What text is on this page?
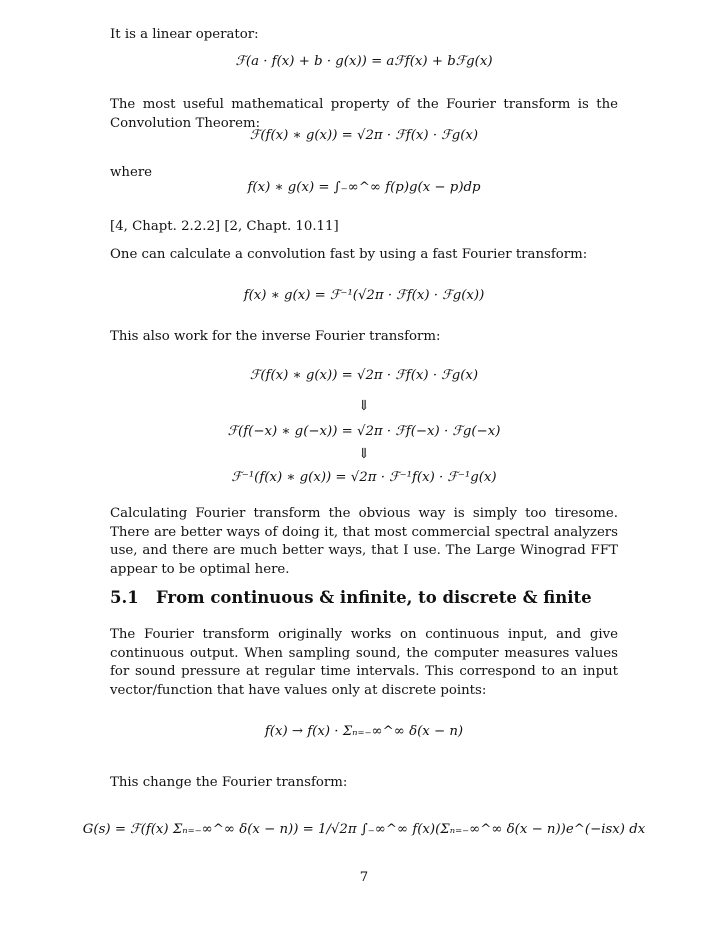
It is a linear operator:
ℱ(a · f(x) + b · g(x)) = aℱf(x) + bℱg(x)
The most useful mathematical property of the Fourier transform is the Convolution Theorem:
ℱ(f(x) ∗ g(x)) = √2π · ℱf(x) · ℱg(x)
where
f(x) ∗ g(x) = ∫₋∞^∞ f(p)g(x − p)dp
[4, Chapt. 2.2.2] [2, Chapt. 10.11]
One can calculate a convolution fast by using a fast Fourier transform:
f(x) ∗ g(x) = ℱ⁻¹(√2π · ℱf(x) · ℱg(x))
This also work for the inverse Fourier transform:
ℱ(f(x) ∗ g(x)) = √2π · ℱf(x) · ℱg(x)
⇓
ℱ(f(−x) ∗ g(−x)) = √2π · ℱf(−x) · ℱg(−x)
⇓
ℱ⁻¹(f(x) ∗ g(x)) = √2π · ℱ⁻¹f(x) · ℱ⁻¹g(x)
Calculating Fourier transform the obvious way is simply too tiresome. There are better ways of doing it, that most commercial spectral analyzers use, and there are much better ways, that I use. The Large Winograd FFT appear to be optimal here.
5.1 From continuous & infinite, to discrete & finite
The Fourier transform originally works on continuous input, and give continuous output. When sampling sound, the computer measures values for sound pressure at regular time intervals. This correspond to an input vector/function that have values only at discrete points:
f(x) → f(x) · Σₙ₌₋∞^∞ δ(x − n)
This change the Fourier transform:
G(s) = ℱ(f(x) Σₙ₌₋∞^∞ δ(x − n)) = 1/√2π ∫₋∞^∞ f(x)(Σₙ₌₋∞^∞ δ(x − n))e^(−isx) dx
7
